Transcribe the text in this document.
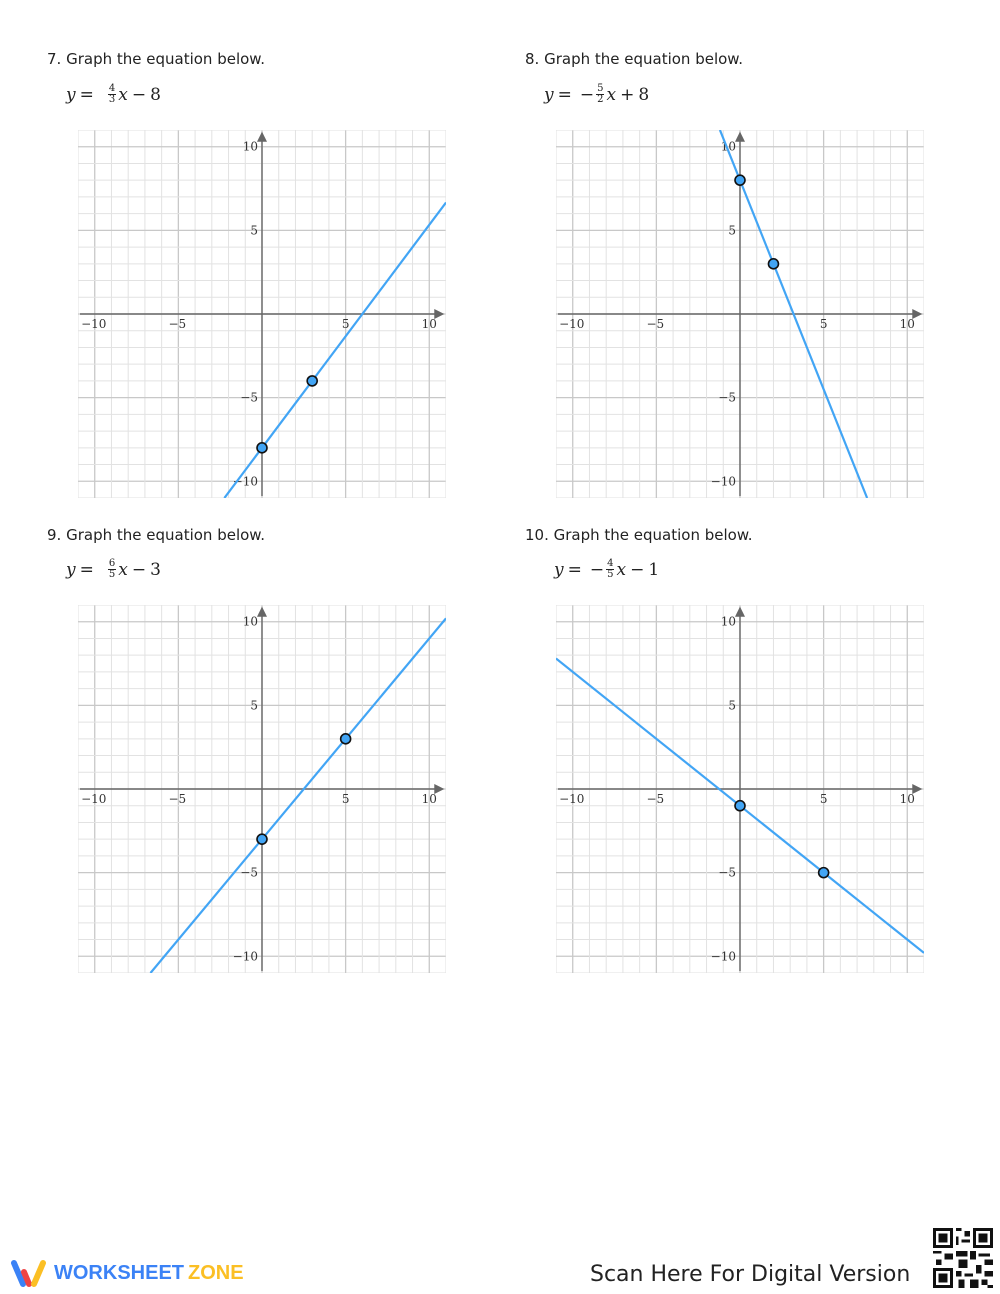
7. Graph the equation below.
$y = \frac{4}{3}$ x − 8
−10	−5	5	10
10
5
−5
−10
8. Graph the equation below.
y = − $\frac{5}{2}$ x + 8
−10	−5	5	10
10
5
−5
−10
9. Graph the equation below.
$y = \frac{6}{5}$ x − 3
−10	−5	5	10
10
5
−5
−10
10. Graph the equation below.
y = − $\frac{4}{5}$ x − 1
−10	−5	5	10
10
5
−5
−10
WORKSHEET ZONE	Scan Here For Digital Version
